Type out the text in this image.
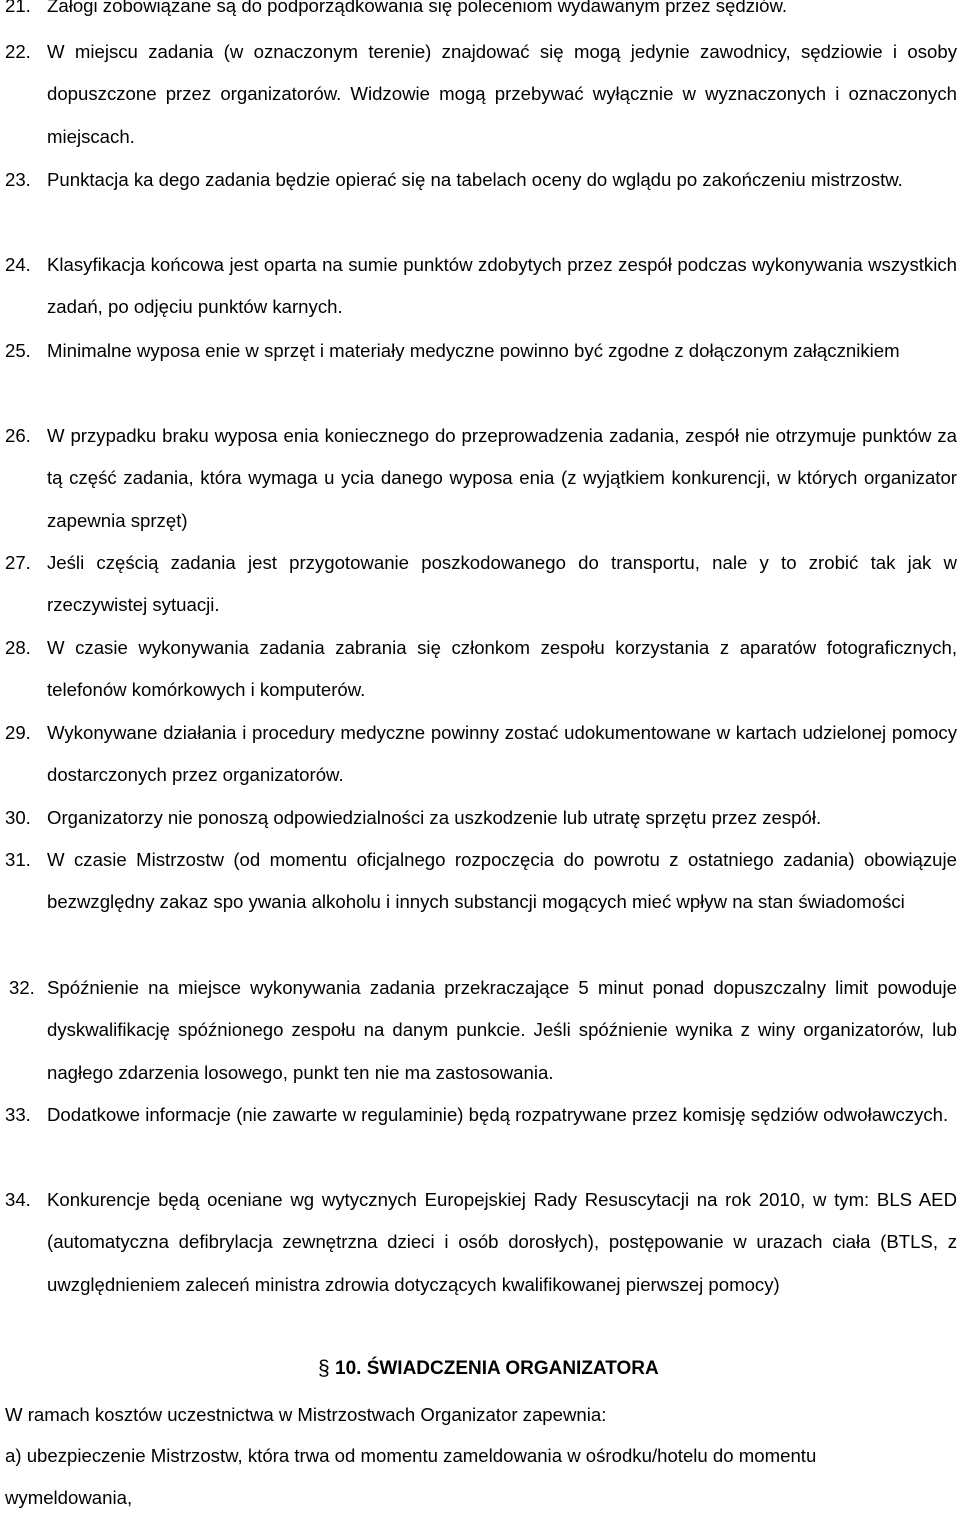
21. Załogi zobowiązane są do podporządkowania się poleceniom wydawanym przez sędziów.
22. W miejscu zadania (w oznaczonym terenie) znajdować się mogą jedynie zawodnicy, sędziowie i osoby dopuszczone przez organizatorów. Widzowie mogą przebywać wyłącznie w wyznaczonych i oznaczonych miejscach.
23. Punktacja ka dego zadania będzie opierać się na tabelach oceny do wglądu po zakończeniu mistrzostw.
24. Klasyfikacja końcowa jest oparta na sumie punktów zdobytych przez zespół podczas wykonywania wszystkich zadań, po odjęciu punktów karnych.
25. Minimalne wyposa enie w sprzęt i materiały medyczne powinno być zgodne z dołączonym załącznikiem
26. W przypadku braku wyposa enia koniecznego do przeprowadzenia zadania, zespół nie otrzymuje punktów za tą część zadania, która wymaga u ycia danego wyposa enia (z wyjątkiem konkurencji, w których organizator zapewnia sprzęt)
27. Jeśli częścią zadania jest przygotowanie poszkodowanego do transportu, nale y to zrobić tak jak w rzeczywistej sytuacji.
28. W czasie wykonywania zadania zabrania się członkom zespołu korzystania z aparatów fotograficznych, telefonów komórkowych i komputerów.
29. Wykonywane działania i procedury medyczne powinny zostać udokumentowane w kartach udzielonej pomocy dostarczonych przez organizatorów.
30. Organizatorzy nie ponoszą odpowiedzialności za uszkodzenie lub utratę sprzętu przez zespół.
31. W czasie Mistrzostw (od momentu oficjalnego rozpoczęcia do powrotu z ostatniego zadania) obowiązuje bezwzględny zakaz spo ywania alkoholu i innych substancji mogących mieć wpływ na stan świadomości
32. Spóźnienie na miejsce wykonywania zadania przekraczające 5 minut ponad dopuszczalny limit powoduje dyskwalifikację spóźnionego zespołu na danym punkcie. Jeśli spóźnienie wynika z winy organizatorów, lub nagłego zdarzenia losowego, punkt ten nie ma zastosowania.
33. Dodatkowe informacje (nie zawarte w regulaminie) będą rozpatrywane przez komisję sędziów odwoławczych.
34. Konkurencje będą oceniane wg wytycznych Europejskiej Rady Resuscytacji na rok 2010, w tym: BLS AED (automatyczna defibrylacja zewnętrzna dzieci i osób dorosłych), postępowanie w urazach ciała (BTLS, z uwzględnieniem zaleceń ministra zdrowia dotyczących kwalifikowanej pierwszej pomocy)
§ 10. ŚWIADCZENIA ORGANIZATORA

W ramach kosztów uczestnictwa w Mistrzostwach Organizator zapewnia:

a) ubezpieczenie Mistrzostw, która trwa od momentu zameldowania w ośrodku/hotelu do momentu wymeldowania,
